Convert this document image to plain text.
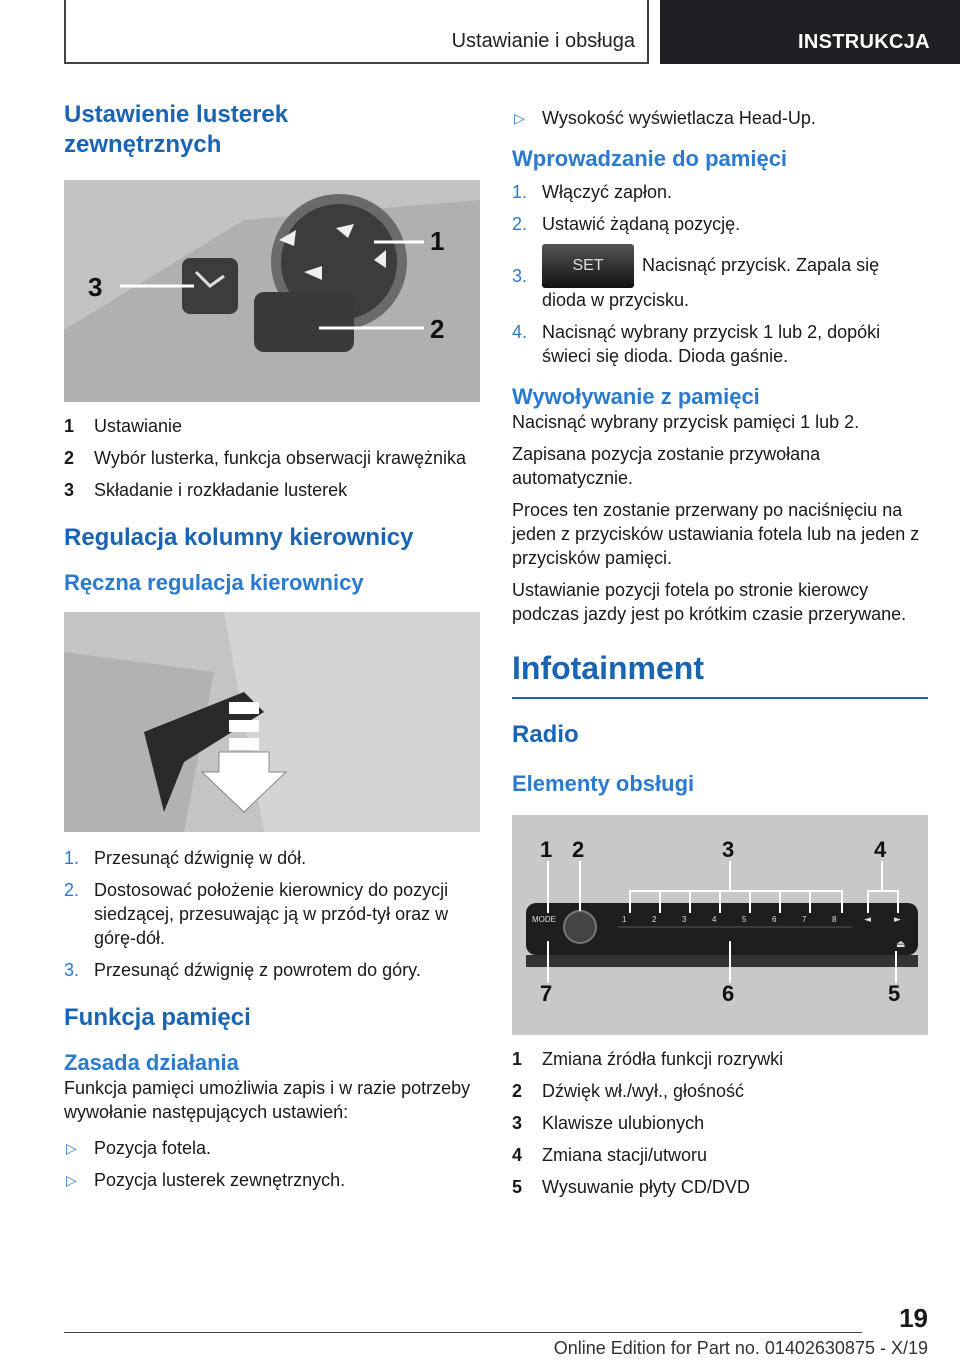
Ustawianie i obsługa	INSTRUKCJA
Ustawienie lusterek zewnętrznych
1
2
3
1 Ustawianie
2 Wybór lusterka, funkcja obserwacji krawężnika
3 Składanie i rozkładanie lusterek
Regulacja kolumny kierownicy
Ręczna regulacja kierownicy
1. Przesunąć dźwignię w dół.
2. Dostosować położenie kierownicy do pozycji siedzącej, przesuwając ją w przód-tył oraz w górę-dół.
3. Przesunąć dźwignię z powrotem do góry.
Funkcja pamięci
Zasada działania

Funkcja pamięci umożliwia zapis i w razie potrzeby wywołanie następujących ustawień:

▷ Pozycja fotela.
▷ Pozycja lusterek zewnętrznych.
▷ Wysokość wyświetlacza Head-Up.
Wprowadzanie do pamięci
1. Włączyć zapłon.
2. Ustawić żądaną pozycję.
3.
SET Nacisnąć przycisk. Zapala się dioda w przycisku.
4. Nacisnąć wybrany przycisk 1 lub 2, dopóki świeci się dioda. Dioda gaśnie.
Wywoływanie z pamięci

Nacisnąć wybrany przycisk pamięci 1 lub 2.

Zapisana pozycja zostanie przywołana automatycznie.

Proces ten zostanie przerwany po naciśnięciu na jeden z przycisków ustawiania fotela lub na jeden z przycisków pamięci.

Ustawianie pozycji fotela po stronie kierowcy podczas jazdy jest po krótkim czasie przerywane.

Infotainment
Radio
Elementy obsługi
MODE	1	2	3	4	5	6	7	8	◄	►
⏏
1 2	3	4
7	6	5
1 Zmiana źródła funkcji rozrywki
2 Dźwięk wł./wył., głośność
3 Klawisze ulubionych
4 Zmiana stacji/utworu
5 Wysuwanie płyty CD/DVD
19
Online Edition for Part no. 01402630875 - X/19
